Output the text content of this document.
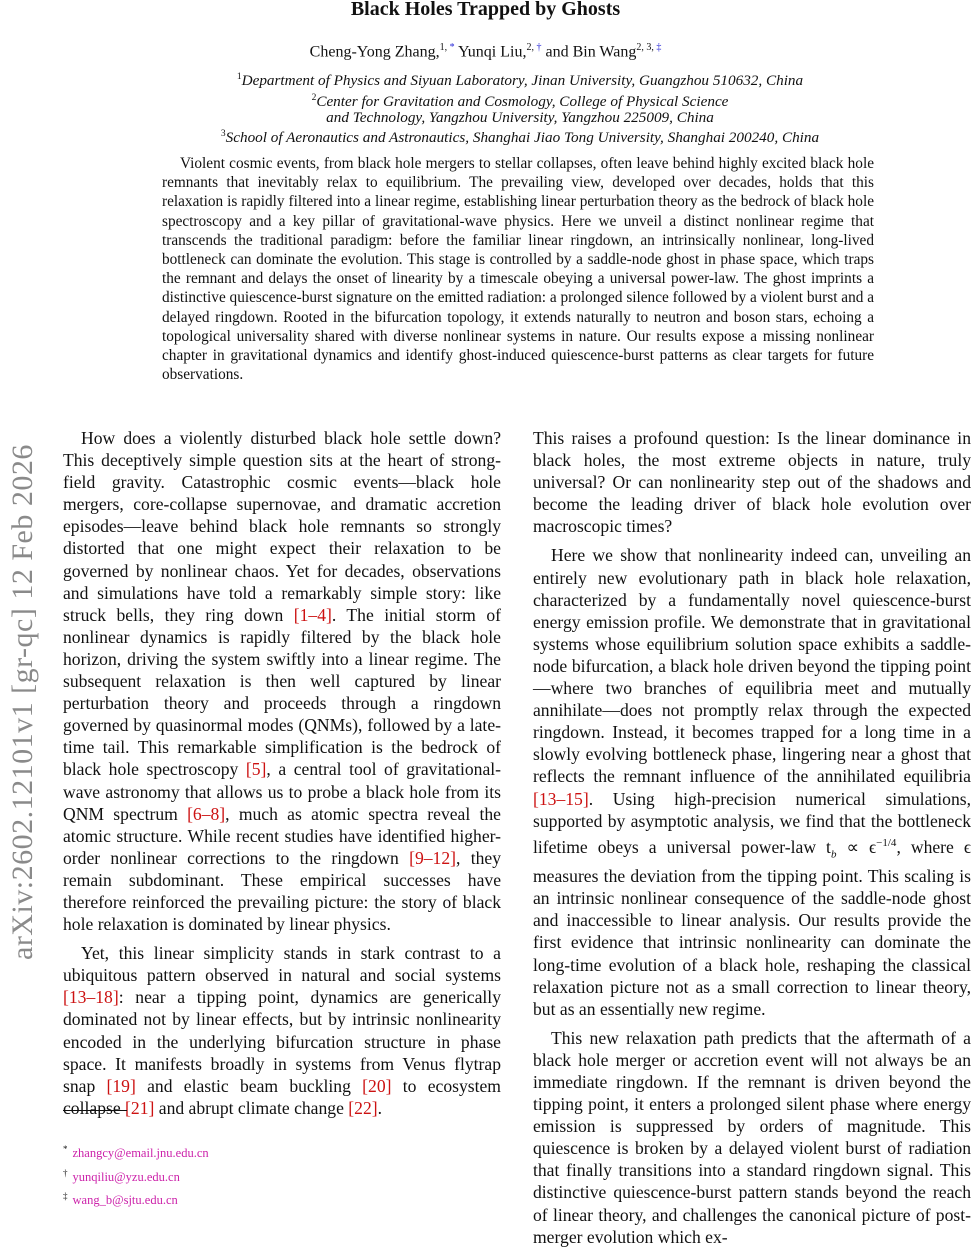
arXiv:2602.12101v1 [gr-qc] 12 Feb 2026
Black Holes Trapped by Ghosts
Cheng-Yong Zhang,$^{1, *}$ Yunqi Liu,$^{2, \dagger}$ and Bin Wang$^{2, 3, \ddagger}$
$^1$Department of Physics and Siyuan Laboratory, Jinan University, Guangzhou 510632, China
$^2$Center for Gravitation and Cosmology, College of Physical Science
and Technology, Yangzhou University, Yangzhou 225009, China
$^3$School of Aeronautics and Astronautics, Shanghai Jiao Tong University, Shanghai 200240, China

Violent cosmic events, from black hole mergers to stellar collapses, often leave behind highly excited black hole remnants that inevitably relax to equilibrium. The prevailing view, developed over decades, holds that this relaxation is rapidly filtered into a linear regime, establishing linear perturbation theory as the bedrock of black hole spectroscopy and a key pillar of gravitational-wave physics. Here we unveil a distinct nonlinear regime that transcends the traditional paradigm: before the familiar linear ringdown, an intrinsically nonlinear, long-lived bottleneck can dominate the evolution. This stage is controlled by a saddle-node ghost in phase space, which traps the remnant and delays the onset of linearity by a timescale obeying a universal power-law. The ghost imprints a distinctive quiescence-burst signature on the emitted radiation: a prolonged silence followed by a violent burst and a delayed ringdown. Rooted in the bifurcation topology, it extends naturally to neutron and boson stars, echoing a topological universality shared with diverse nonlinear systems in nature. Our results expose a missing nonlinear chapter in gravitational dynamics and identify ghost-induced quiescence-burst patterns as clear targets for future observations.

How does a violently disturbed black hole settle down? This deceptively simple question sits at the heart of strong-field gravity. Catastrophic cosmic events—black hole mergers, core-collapse supernovae, and dramatic accretion episodes—leave behind black hole remnants so strongly distorted that one might expect their relaxation to be governed by nonlinear chaos. Yet for decades, observations and simulations have told a remarkably simple story: like struck bells, they ring down [1–4]. The initial storm of nonlinear dynamics is rapidly filtered by the black hole horizon, driving the system swiftly into a linear regime. The subsequent relaxation is then well captured by linear perturbation theory and proceeds through a ringdown governed by quasinormal modes (QNMs), followed by a late-time tail. This remarkable simplification is the bedrock of black hole spectroscopy [5], a central tool of gravitational-wave astronomy that allows us to probe a black hole from its QNM spectrum [6–8], much as atomic spectra reveal the atomic structure. While recent studies have identified higher-order nonlinear corrections to the ringdown [9–12], they remain subdominant. These empirical successes have therefore reinforced the prevailing picture: the story of black hole relaxation is dominated by linear physics.

Yet, this linear simplicity stands in stark contrast to a ubiquitous pattern observed in natural and social systems [13–18]: near a tipping point, dynamics are generically dominated not by linear effects, but by intrinsic nonlinearity encoded in the underlying bifurcation structure in phase space. It manifests broadly in systems from Venus flytrap snap [19] and elastic beam buckling [20] to ecosystem collapse [21] and abrupt climate change [22].

This raises a profound question: Is the linear dominance in black holes, the most extreme objects in nature, truly universal? Or can nonlinearity step out of the shadows and become the leading driver of black hole evolution over macroscopic times?

Here we show that nonlinearity indeed can, unveiling an entirely new evolutionary path in black hole relaxation, characterized by a fundamentally novel quiescence-burst energy emission profile. We demonstrate that in gravitational systems whose equilibrium solution space exhibits a saddle-node bifurcation, a black hole driven beyond the tipping point—where two branches of equilibria meet and mutually annihilate—does not promptly relax through the expected ringdown. Instead, it becomes trapped for a long time in a slowly evolving bottleneck phase, lingering near a ghost that reflects the remnant influence of the annihilated equilibria [13–15]. Using high-precision numerical simulations, supported by asymptotic analysis, we find that the bottleneck lifetime obeys a universal power-law $t_b \propto \epsilon^{-1/4}$, where ϵ measures the deviation from the tipping point. This scaling is an intrinsic nonlinear consequence of the saddle-node ghost and inaccessible to linear analysis. Our results provide the first evidence that intrinsic nonlinearity can dominate the long-time evolution of a black hole, reshaping the classical relaxation picture not as a small correction to linear theory, but as an essentially new regime.

This new relaxation path predicts that the aftermath of a black hole merger or accretion event will not always be an immediate ringdown. If the remnant is driven beyond the tipping point, it enters a prolonged silent phase where energy emission is suppressed by orders of magnitude. This quiescence is broken by a delayed violent burst of radiation that finally transitions into a standard ringdown signal. This distinctive quiescence-burst pattern stands beyond the reach of linear theory, and challenges the canonical picture of post-merger evolution which ex-

* zhangcy@email.jnu.edu.cn
† yunqiliu@yzu.edu.cn
‡ wang_b@sjtu.edu.cn
